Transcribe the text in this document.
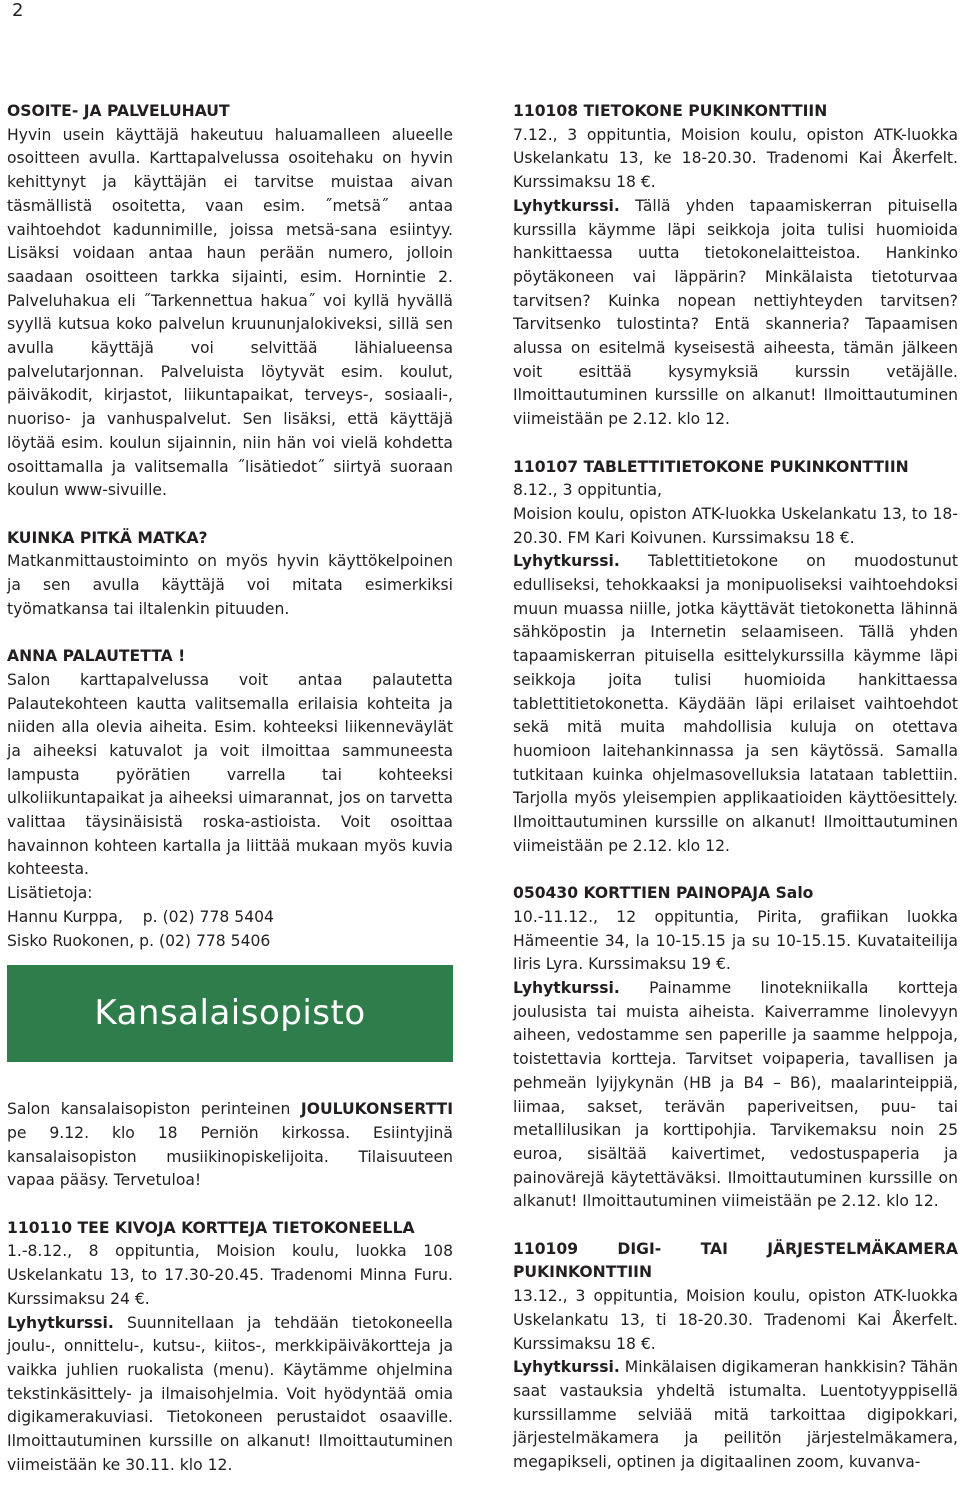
2
OSOITE- JA PALVELUHAUT
Hyvin usein käyttäjä hakeutuu haluamalleen alueelle osoitteen avulla. Karttapalvelussa osoitehaku on hyvin kehittynyt ja käyttäjän ei tarvitse muistaa aivan täsmällistä osoitetta, vaan esim. ˝metsä˝ antaa vaihtoehdot kadunnimille, joissa metsä-sana esiintyy. Lisäksi voidaan antaa haun perään numero, jolloin saadaan osoitteen tarkka sijainti, esim. Hornintie 2. Palveluhakua eli ˝Tarkennettua hakua˝ voi kyllä hyvällä syyllä kutsua koko palvelun kruununjalokiveksi, sillä sen avulla käyttäjä voi selvittää lähialueensa palvelutarjonnan. Palveluista löytyvät esim. koulut, päiväkodit, kirjastot, liikuntapaikat, terveys-, sosiaali-, nuoriso- ja vanhuspalvelut. Sen lisäksi, että käyttäjä löytää esim. koulun sijainnin, niin hän voi vielä kohdetta osoittamalla ja valitsemalla ˝lisätiedot˝ siirtyä suoraan koulun www-sivuille.
KUINKA PITKÄ MATKA?
Matkanmittaustoiminto on myös hyvin käyttökelpoinen ja sen avulla käyttäjä voi mitata esimerkiksi työmatkansa tai iltalenkin pituuden.
ANNA PALAUTETTA !
Salon karttapalvelussa voit antaa palautetta Palautekohteen kautta valitsemalla erilaisia kohteita ja niiden alla olevia aiheita. Esim. kohteeksi liikenneväylät ja aiheeksi katuvalot ja voit ilmoittaa sammuneesta lampusta pyörätien varrella tai kohteeksi ulkoliikuntapaikat ja aiheeksi uimarannat, jos on tarvetta valittaa täysinäisistä roska-astioista. Voit osoittaa havainnon kohteen kartalla ja liittää mukaan myös kuvia kohteesta.
Lisätietoja:
Hannu Kurppa,    p. (02) 778 5404
Sisko Ruokonen, p. (02) 778 5406
Kansalaisopisto
Salon kansalaisopiston perinteinen JOULUKONSERTTI pe 9.12. klo 18 Perniön kirkossa. Esiintyjinä kansalaisopiston musiikinopiskelijoita. Tilaisuuteen vapaa pääsy. Tervetuloa!
110110 TEE KIVOJA KORTTEJA TIETOKONEELLA
1.-8.12., 8 oppituntia, Moision koulu, luokka 108 Uskelankatu 13, to 17.30-20.45. Tradenomi Minna Furu. Kurssimaksu 24 €.
Lyhytkurssi. Suunnitellaan ja tehdään tietokoneella joulu-, onnittelu-, kutsu-, kiitos-, merkkipäiväkortteja ja vaikka juhlien ruokalista (menu). Käytämme ohjelmina tekstinkäsittely- ja ilmaisohjelmia. Voit hyödyntää omia digikamerakuviasi. Tietokoneen perustaidot osaaville. Ilmoittautuminen kurssille on alkanut! Ilmoittautuminen viimeistään ke 30.11. klo 12.
110108 TIETOKONE PUKINKONTTIIN
7.12., 3 oppituntia, Moision koulu, opiston ATK-luokka Uskelankatu 13, ke 18-20.30. Tradenomi Kai Åkerfelt. Kurssimaksu 18 €.
Lyhytkurssi. Tällä yhden tapaamiskerran pituisella kurssilla käymme läpi seikkoja joita tulisi huomioida hankittaessa uutta tietokonelaitteistoa. Hankinko pöytäkoneen vai läppärin? Minkälaista tietoturvaa tarvitsen? Kuinka nopean nettiyhteyden tarvitsen? Tarvitsenko tulostinta? Entä skanneria? Tapaamisen alussa on esitelmä kyseisestä aiheesta, tämän jälkeen voit esittää kysymyksiä kurssin vetäjälle. Ilmoittautuminen kurssille on alkanut! Ilmoittautuminen viimeistään pe 2.12. klo 12.
110107 TABLETTITIETOKONE PUKINKONTTIIN
8.12., 3 oppituntia,
Moision koulu, opiston ATK-luokka Uskelankatu 13, to 18-20.30. FM Kari Koivunen. Kurssimaksu 18 €.
Lyhytkurssi. Tablettitietokone on muodostunut edulliseksi, tehokkaaksi ja monipuoliseksi vaihtoehdoksi muun muassa niille, jotka käyttävät tietokonetta lähinnä sähköpostin ja Internetin selaamiseen. Tällä yhden tapaamiskerran pituisella esittelykurssilla käymme läpi seikkoja joita tulisi huomioida hankittaessa tablettitietokonetta. Käydään läpi erilaiset vaihtoehdot sekä mitä muita mahdollisia kuluja on otettava huomioon laitehankinnassa ja sen käytössä. Samalla tutkitaan kuinka ohjelmasovelluksia latataan tablettiin. Tarjolla myös yleisempien applikaatioiden käyttöesittely. Ilmoittautuminen kurssille on alkanut! Ilmoittautuminen viimeistään pe 2.12. klo 12.
050430 KORTTIEN PAINOPAJA Salo
10.-11.12., 12 oppituntia, Pirita, grafiikan luokka Hämeentie 34, la 10-15.15 ja su 10-15.15. Kuvataiteilija Iiris Lyra. Kurssimaksu 19 €.
Lyhytkurssi. Painamme linotekniikalla kortteja joulusista tai muista aiheista. Kaiverramme linolevyyn aiheen, vedostamme sen paperille ja saamme helppoja, toistettavia kortteja. Tarvitset voipaperia, tavallisen ja pehmeän lyijykynän (HB ja B4 – B6), maalarinteippiä, liimaa, sakset, terävän paperiveitsen, puu- tai metallilusikan ja korttipohjia. Tarvikemaksu noin 25 euroa, sisältää kaivertimet, vedostuspaperia ja painovärejä käytettäväksi. Ilmoittautuminen kurssille on alkanut! Ilmoittautuminen viimeistään pe 2.12. klo 12.
110109 DIGI- TAI JÄRJESTELMÄKAMERA PUKINKONTTIIN
13.12., 3 oppituntia, Moision koulu, opiston ATK-luokka Uskelankatu 13, ti 18-20.30. Tradenomi Kai Åkerfelt. Kurssimaksu 18 €.
Lyhytkurssi. Minkälaisen digikameran hankkisin? Tähän saat vastauksia yhdeltä istumalta. Luentotyyppisellä kurssillamme selviää mitä tarkoittaa digipokkari, järjestelmäkamera ja peilitön järjestelmäkamera, megapikseli, optinen ja digitaalinen zoom, kuvanva-
